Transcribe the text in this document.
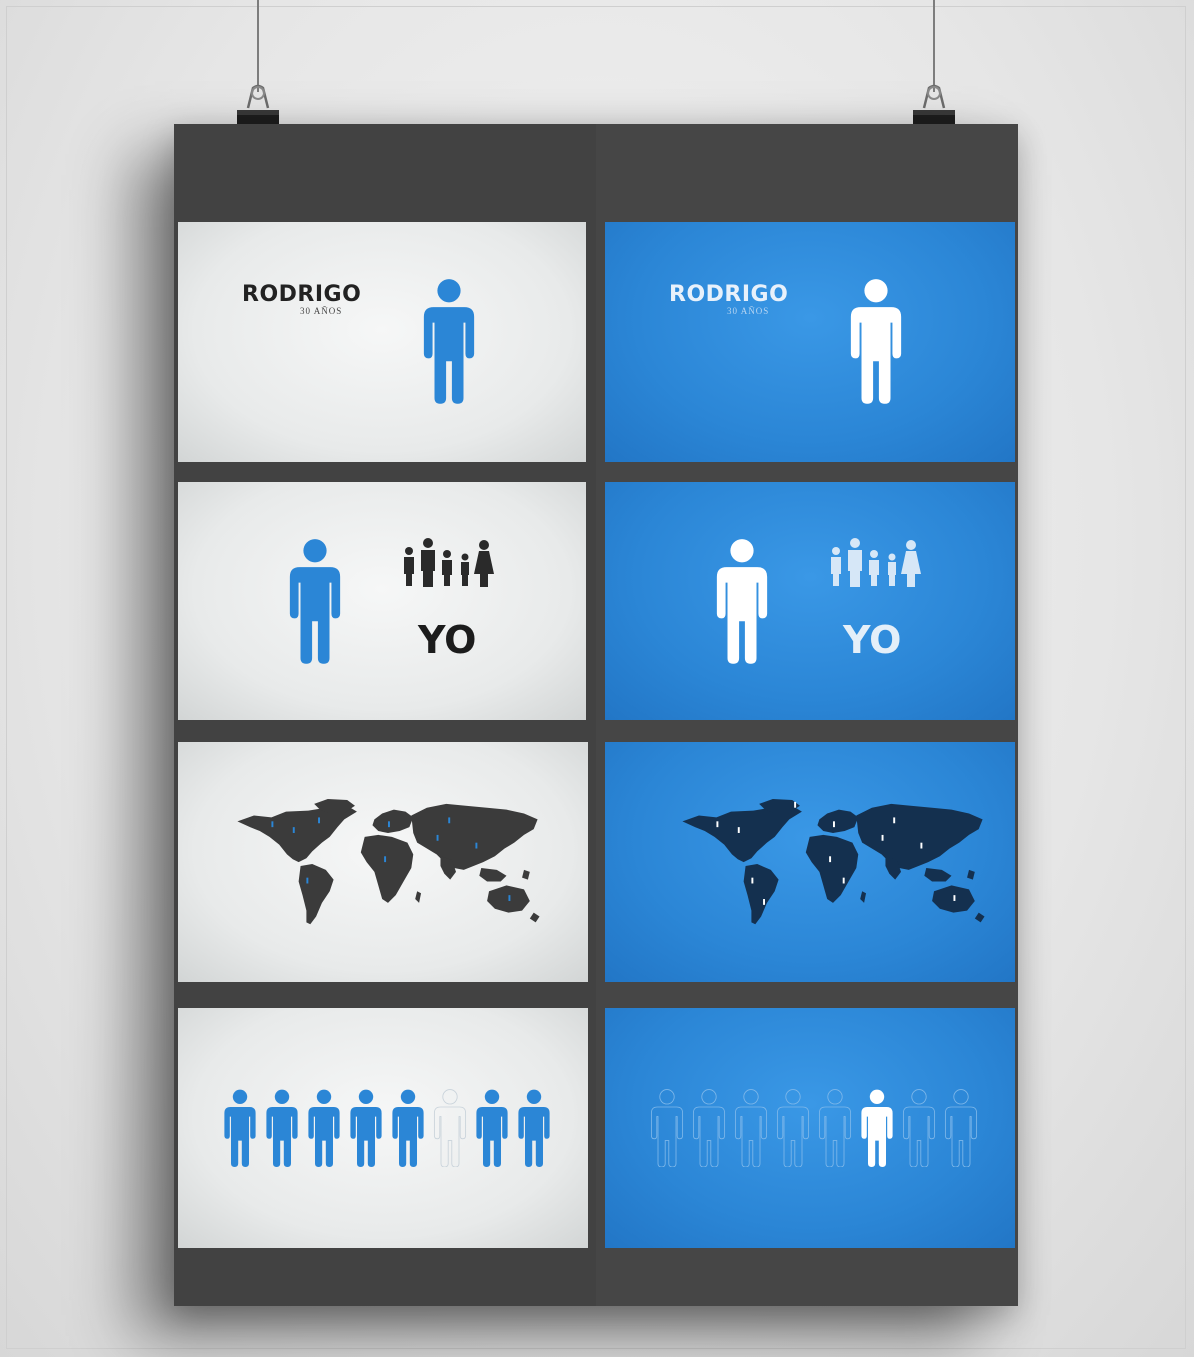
RODRIGO
30 AÑOS
RODRIGO
30 AÑOS
YO	YO
